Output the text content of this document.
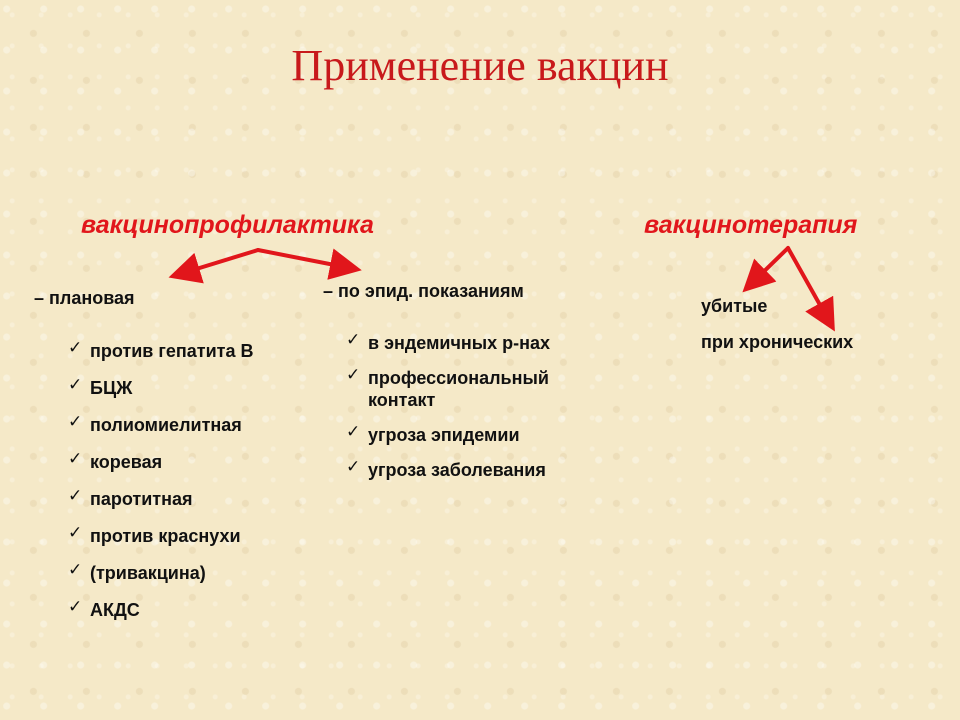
Применение вакцин
вакцинопрофилактика	вакцинотерапия
– плановая
✓ против гепатита В
✓ БЦЖ
✓ полиомиелитная
✓ коревая
✓ паротитная
✓ против краснухи
✓ (тривакцина)
✓ АКДС
– по эпид. показаниям
✓ в эндемичных р-нах
✓ профессиональный контакт
✓ угроза эпидемии
✓ угроза заболевания
убитые
при хронических
